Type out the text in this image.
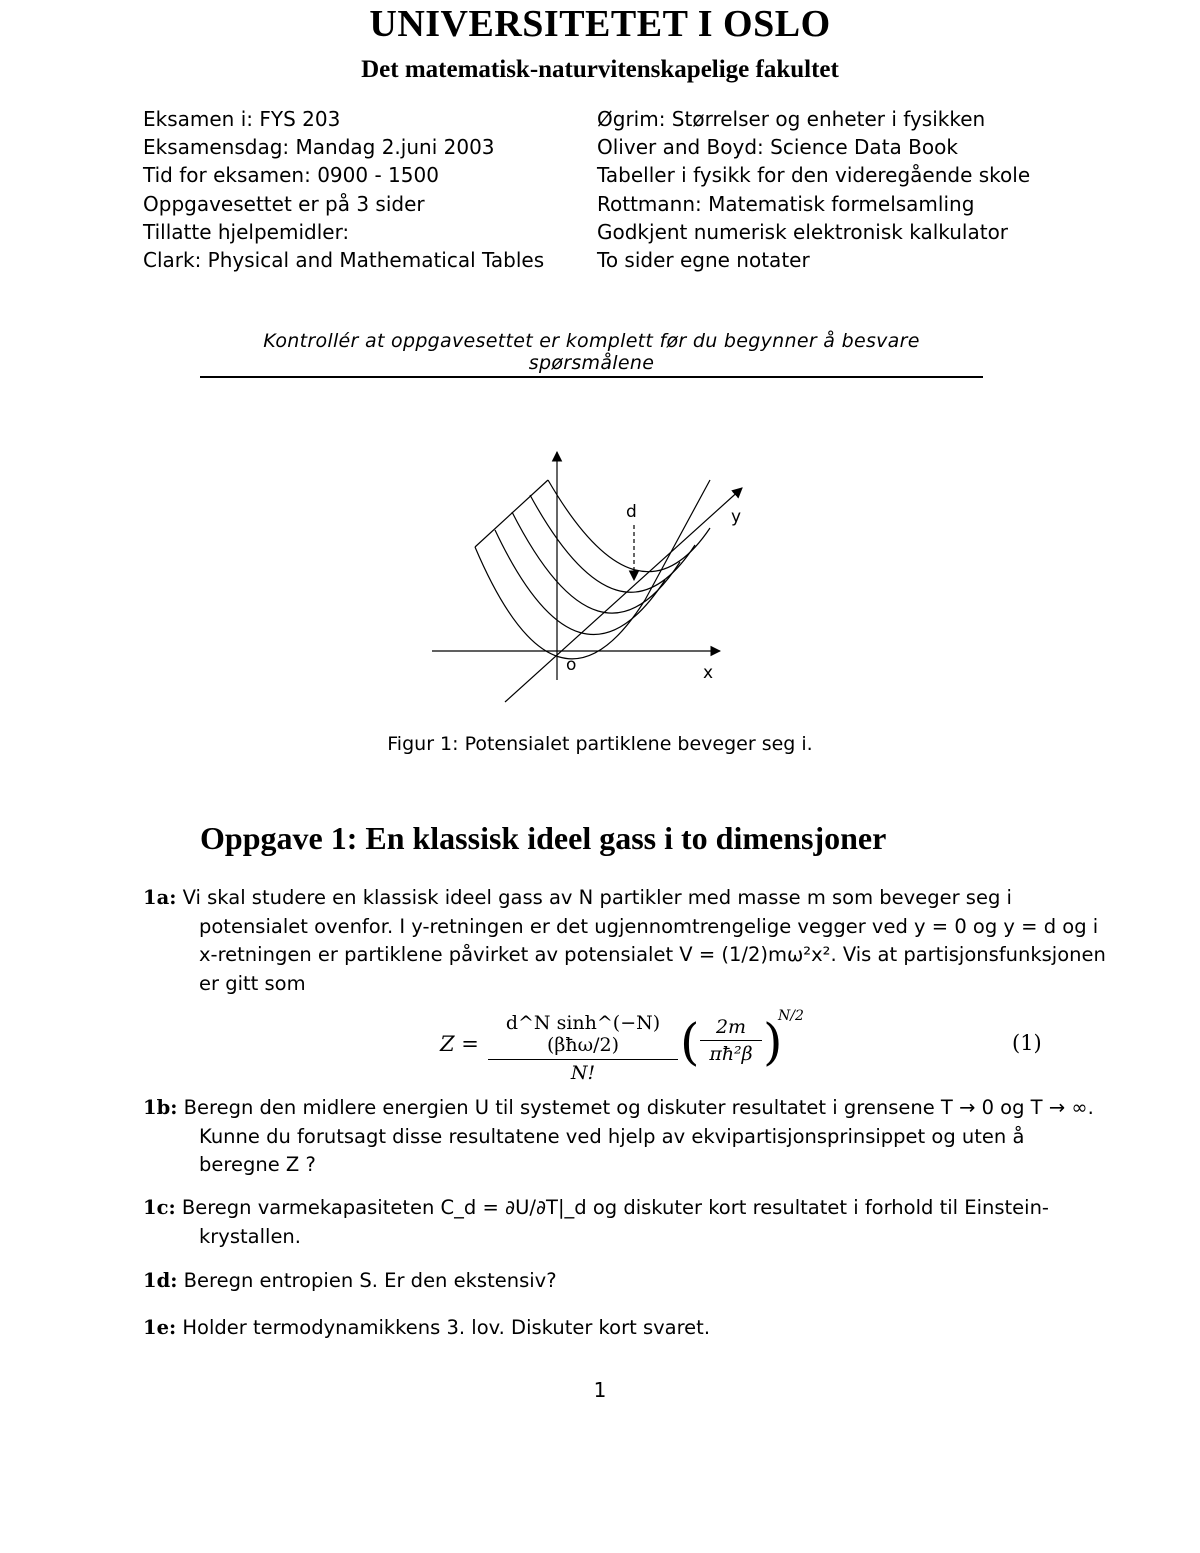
UNIVERSITETET I OSLO
Det matematisk-naturvitenskapelige fakultet
Eksamen i: FYS 203
Eksamensdag: Mandag 2.juni 2003
Tid for eksamen: 0900 - 1500
Oppgavesettet er på 3 sider
Tillatte hjelpemidler:
Clark: Physical and Mathematical Tables
Øgrim: Størrelser og enheter i fysikken
Oliver and Boyd: Science Data Book
Tabeller i fysikk for den videregående skole
Rottmann: Matematisk formelsamling
Godkjent numerisk elektronisk kalkulator
To sider egne notater
Kontrollér at oppgavesettet er komplett før du begynner å besvare spørsmålene
d	y
o	x
Figur 1: Potensialet partiklene beveger seg i.
Oppgave 1: En klassisk ideel gass i to dimensjoner
1a: Vi skal studere en klassisk ideel gass av N partikler med masse m som beveger seg i potensialet ovenfor. I y-retningen er det ugjennomtrengelige vegger ved y = 0 og y = d og i x-retningen er partiklene påvirket av potensialet V = (1/2)mω²x². Vis at partisjonsfunksjonen er gitt som
Z =
d^N sinh^(−N)(βħω/2)
N!
( $\frac{2m}{\text{πħ²β}}$ )
N/2
(1)
1b: Beregn den midlere energien U til systemet og diskuter resultatet i grensene T → 0 og T → ∞. Kunne du forutsagt disse resultatene ved hjelp av ekvipartisjonsprinsippet og uten å beregne Z ?
1c: Beregn varmekapasiteten C_d = ∂U/∂T|_d og diskuter kort resultatet i forhold til Einstein-krystallen.
1d: Beregn entropien S. Er den ekstensiv?
1e: Holder termodynamikkens 3. lov. Diskuter kort svaret.
1
